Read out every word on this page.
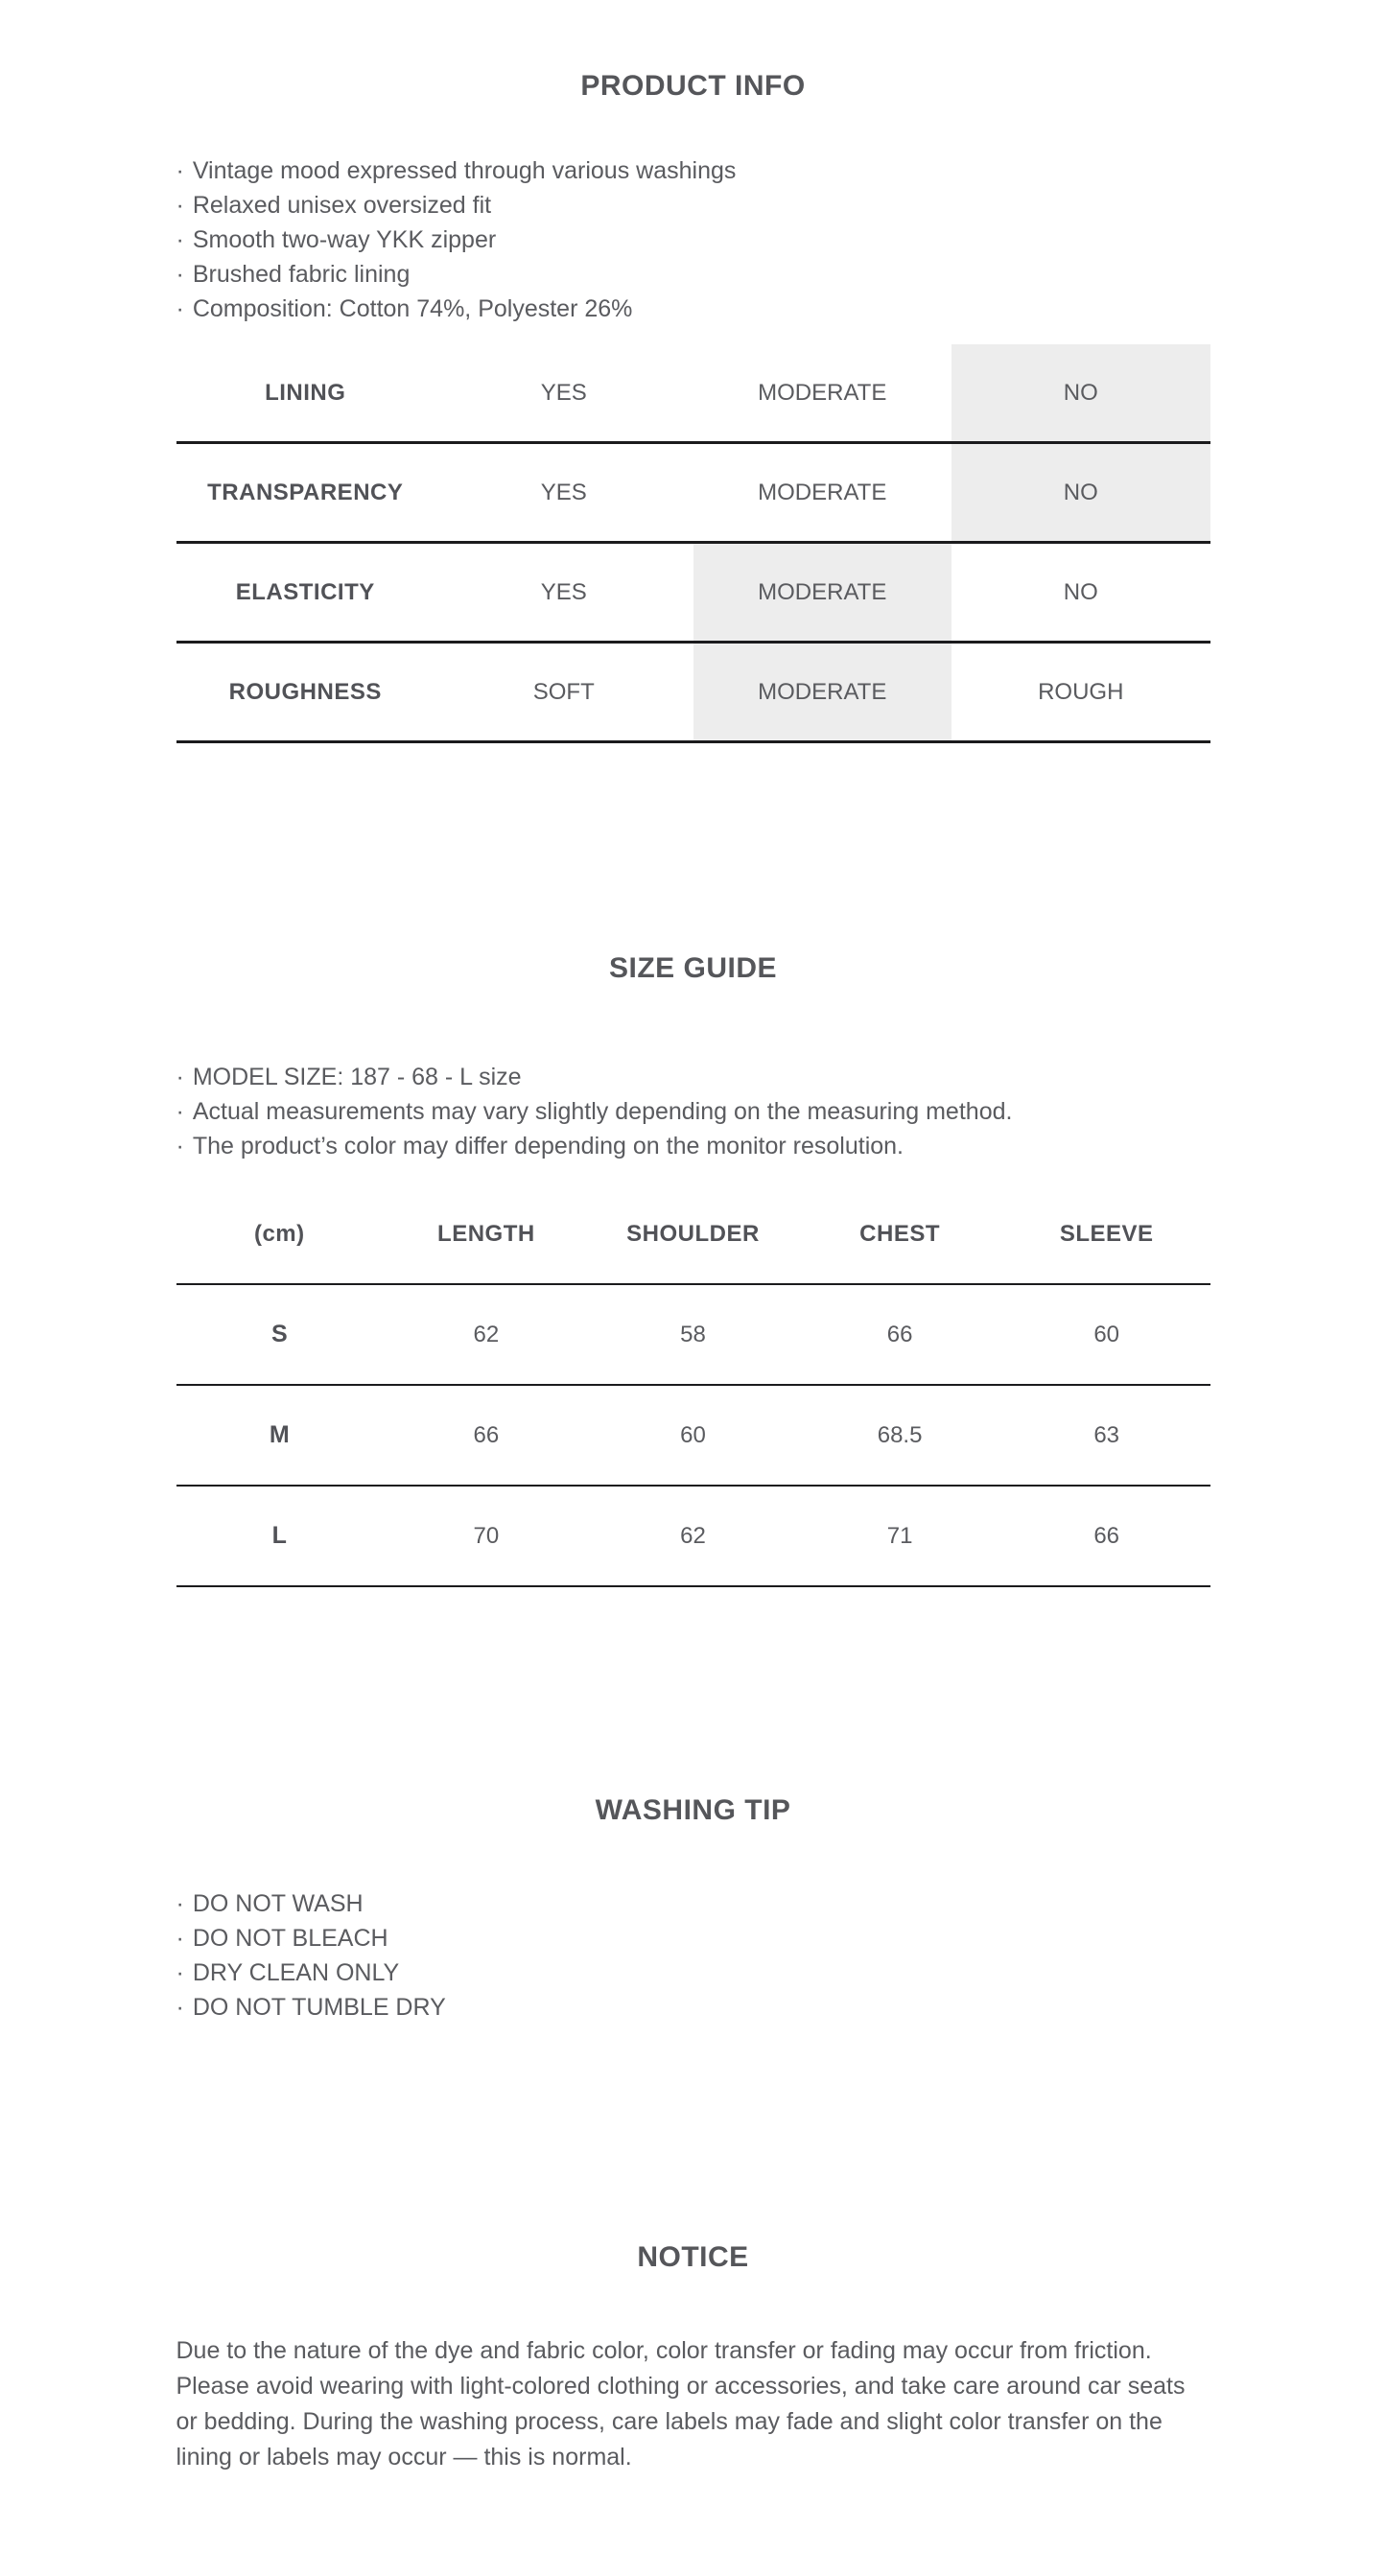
PRODUCT INFO
· Vintage mood expressed through various washings
· Relaxed unisex oversized fit
· Smooth two-way YKK zipper
· Brushed fabric lining
· Composition: Cotton 74%, Polyester 26%
LINING	YES	MODERATE	NO
TRANSPARENCY	YES	MODERATE	NO
ELASTICITY	YES	MODERATE	NO
ROUGHNESS	SOFT	MODERATE	ROUGH
SIZE GUIDE
· MODEL SIZE: 187 - 68 - L size
· Actual measurements may vary slightly depending on the measuring method.
· The product’s color may differ depending on the monitor resolution.
(cm)	LENGTH	SHOULDER	CHEST	SLEEVE
S	62	58	66	60
M	66	60	68.5	63
L	70	62	71	66
WASHING TIP
· DO NOT WASH
· DO NOT BLEACH
· DRY CLEAN ONLY
· DO NOT TUMBLE DRY
NOTICE
Due to the nature of the dye and fabric color, color transfer or fading may occur from friction. Please avoid wearing with light-colored clothing or accessories, and take care around car seats or bedding. During the washing process, care labels may fade and slight color transfer on the lining or labels may occur — this is normal.
